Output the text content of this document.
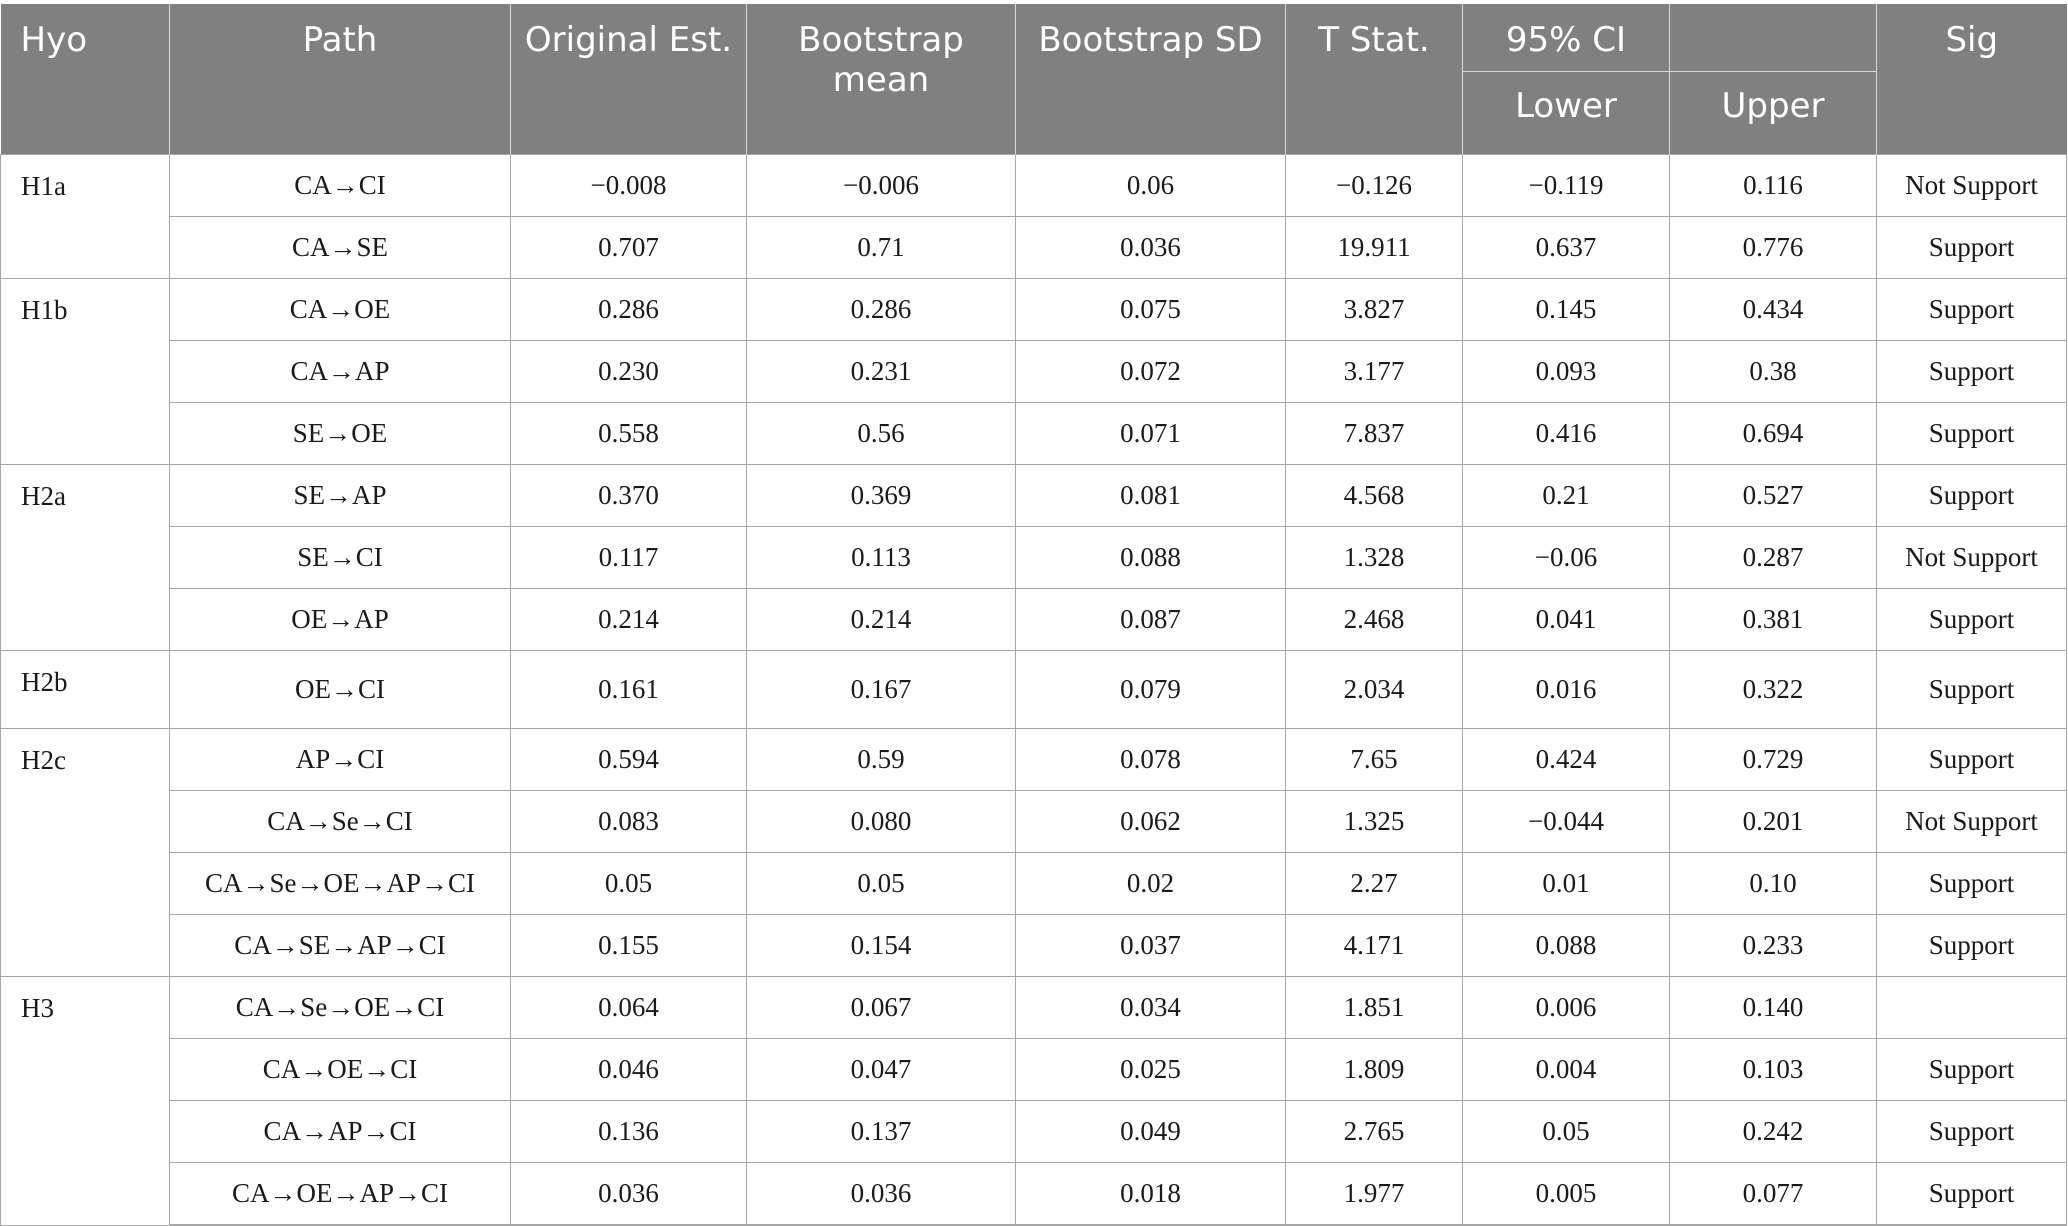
Hyo	Path	Original Est.	Bootstrap mean	Bootstrap SD	T Stat.	95% CI		Sig
						Lower	Upper	
H1a	CA→CI	−0.008	−0.006	0.06	−0.126	−0.119	0.116	Not Support
	CA→SE	0.707	0.71	0.036	19.911	0.637	0.776	Support
H1b	CA→OE	0.286	0.286	0.075	3.827	0.145	0.434	Support
	CA→AP	0.230	0.231	0.072	3.177	0.093	0.38	Support
	SE→OE	0.558	0.56	0.071	7.837	0.416	0.694	Support
H2a	SE→AP	0.370	0.369	0.081	4.568	0.21	0.527	Support
	SE→CI	0.117	0.113	0.088	1.328	−0.06	0.287	Not Support
	OE→AP	0.214	0.214	0.087	2.468	0.041	0.381	Support
H2b	OE→CI	0.161	0.167	0.079	2.034	0.016	0.322	Support
H2c	AP→CI	0.594	0.59	0.078	7.65	0.424	0.729	Support
	CA→Se→CI	0.083	0.080	0.062	1.325	−0.044	0.201	Not Support
	CA→Se→OE→AP→CI	0.05	0.05	0.02	2.27	0.01	0.10	Support
	CA→SE→AP→CI	0.155	0.154	0.037	4.171	0.088	0.233	Support
H3	CA→Se→OE→CI	0.064	0.067	0.034	1.851	0.006	0.140	
	CA→OE→CI	0.046	0.047	0.025	1.809	0.004	0.103	Support
	CA→AP→CI	0.136	0.137	0.049	2.765	0.05	0.242	Support
	CA→OE→AP→CI	0.036	0.036	0.018	1.977	0.005	0.077	Support
